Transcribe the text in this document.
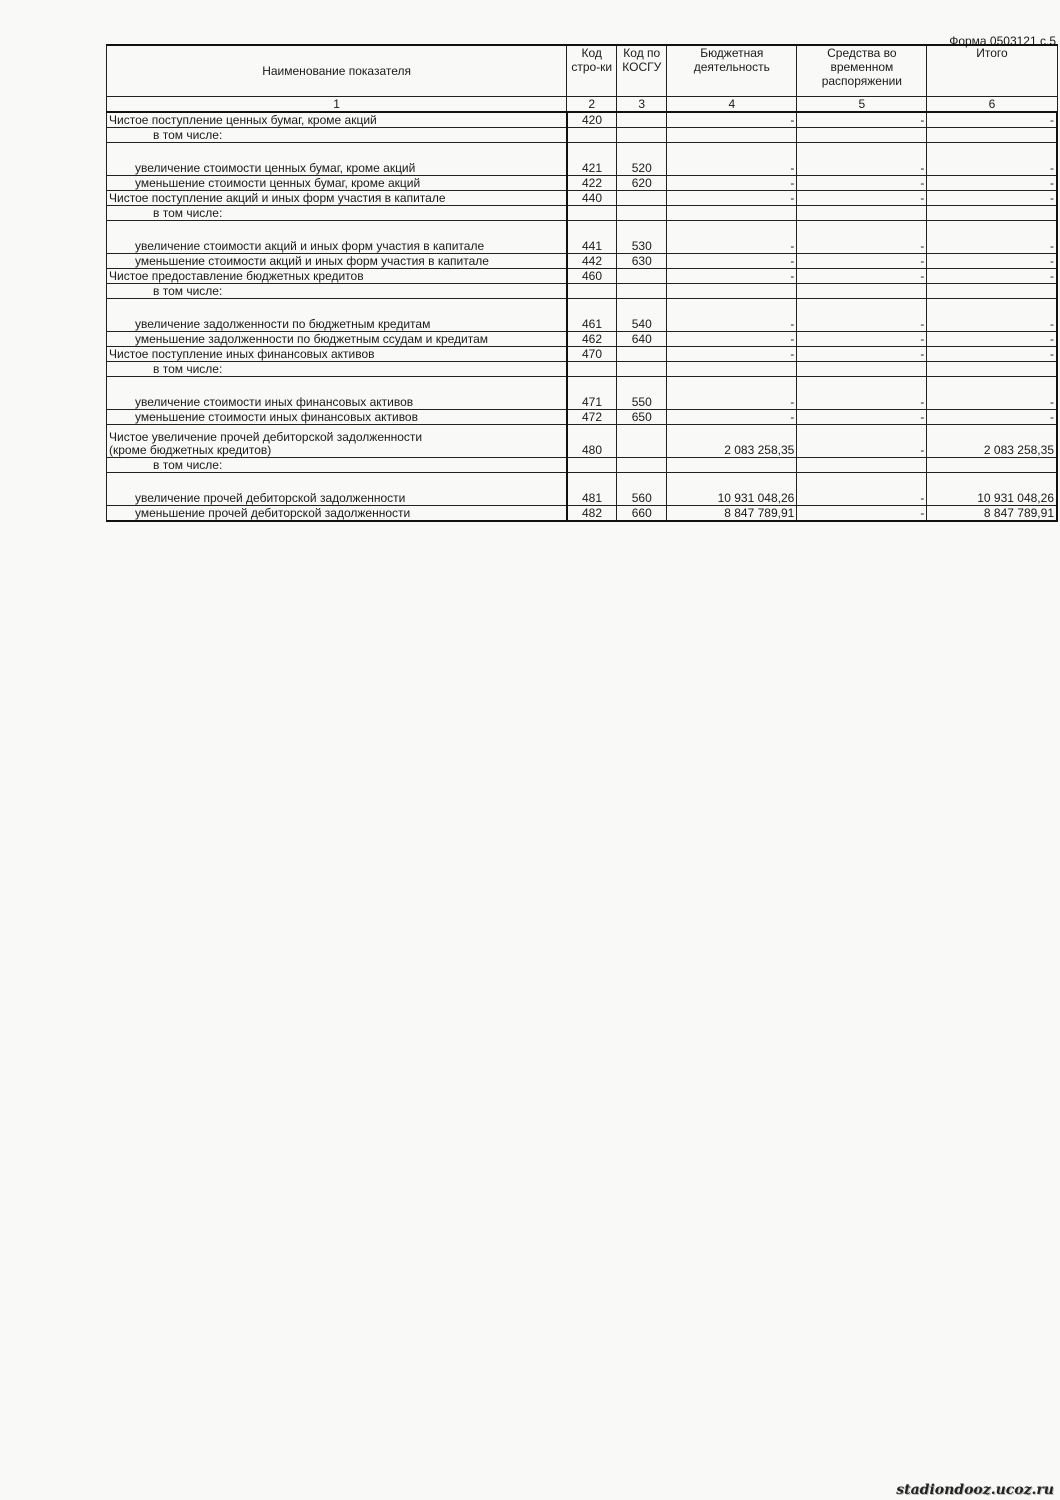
Форма 0503121 с.5
Наименование показателя	Код стро-ки	Код по КОСГУ	Бюджетная деятельность	Средства во временном распоряжении	Итого
1	2	3	4	5	6
Чистое поступление ценных бумаг, кроме акций	420		-	-	-
в том числе:					
увеличение стоимости ценных бумаг, кроме акций	421	520	-	-	-
уменьшение стоимости ценных бумаг, кроме акций	422	620	-	-	-
Чистое поступление акций и иных форм участия в капитале	440		-	-	-
в том числе:					
увеличение стоимости акций и иных форм участия в капитале	441	530	-	-	-
уменьшение стоимости акций и иных форм участия в капитале	442	630	-	-	-
Чистое предоставление бюджетных кредитов	460		-	-	-
в том числе:					
увеличение задолженности по бюджетным кредитам	461	540	-	-	-
уменьшение задолженности по бюджетным ссудам и кредитам	462	640	-	-	-
Чистое поступление иных финансовых активов	470		-	-	-
в том числе:					
увеличение стоимости иных финансовых активов	471	550	-	-	-
уменьшение стоимости иных финансовых активов	472	650	-	-	-
Чистое увеличение прочей дебиторской задолженности
(кроме бюджетных кредитов)	480		2 083 258,35	-	2 083 258,35
в том числе:					
увеличение прочей дебиторской задолженности	481	560	10 931 048,26	-	10 931 048,26
уменьшение прочей дебиторской задолженности	482	660	8 847 789,91	-	8 847 789,91
stadiondooz.ucoz.ru
